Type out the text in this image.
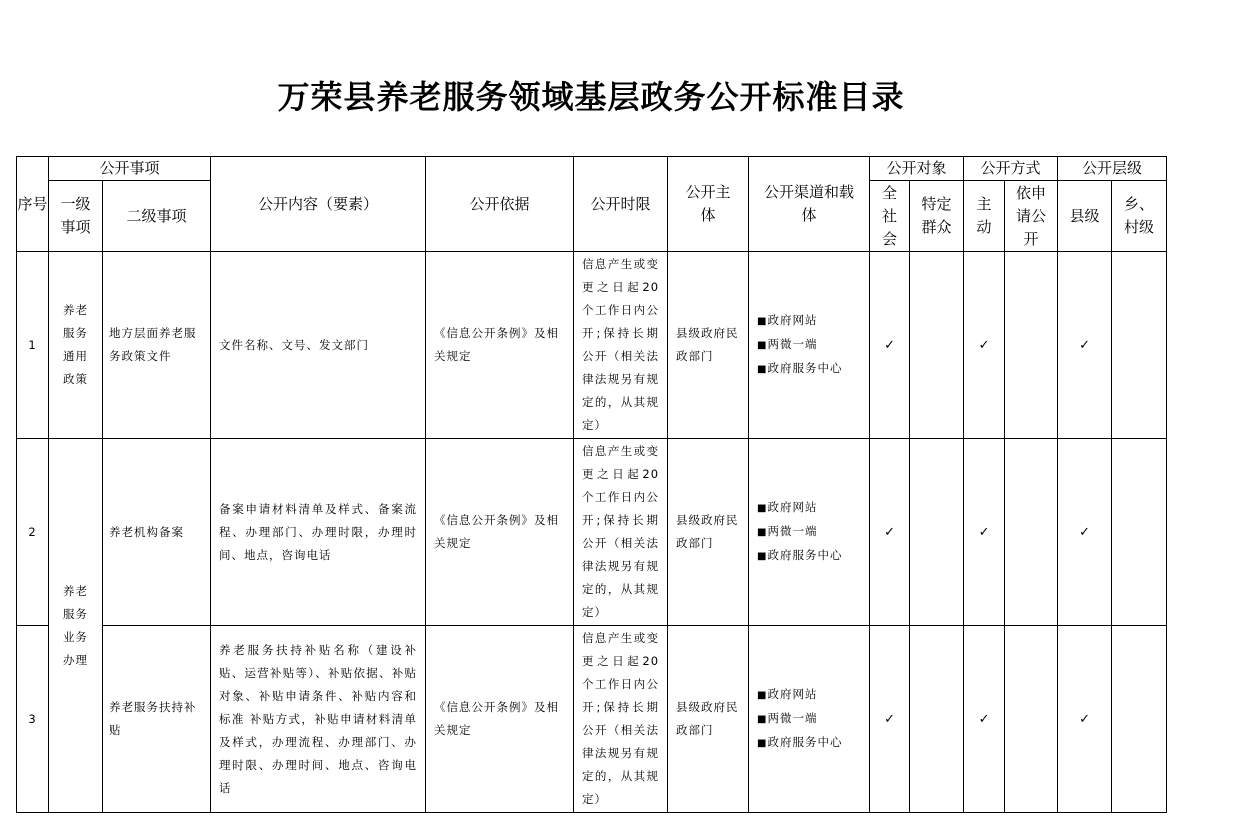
万荣县养老服务领域基层政务公开标准目录
序号	公开事项		公开内容（要素）	公开依据	公开时限	公开主体	公开渠道和载体	公开对象		公开方式		公开层级	
	一级事项	二级事项						全社会	特定群众	主动	依申请公开	县级	乡、村级
1	养老服务通用政策	地方层面养老服务政策文件	文件名称、文号、发文部门	《信息公开条例》及相关规定	信息产生或变更之日起20个工作日内公开;保持长期公开（相关法律法规另有规定的，从其规定）	县级政府民政部门	■政府网站
■两微一端
■政府服务中心	✓		✓		✓	
2	养老服务业务办理	养老机构备案	备案申请材料清单及样式、备案流程、办理部门、办理时限，办理时间、地点，咨询电话	《信息公开条例》及相关规定	信息产生或变更之日起20个工作日内公开;保持长期公开（相关法律法规另有规定的，从其规定）	县级政府民政部门	■政府网站
■两微一端
■政府服务中心	✓		✓		✓	
3		养老服务扶持补贴	养老服务扶持补贴名称（建设补贴、运营补贴等）、补贴依据、补贴对象、补贴申请条件、补贴内容和标准 补贴方式，补贴申请材料清单及样式，办理流程、办理部门、办理时限、办理时间、地点、咨询电话	《信息公开条例》及相关规定	信息产生或变更之日起20个工作日内公开;保持长期公开（相关法律法规另有规定的，从其规定）	县级政府民政部门	■政府网站
■两微一端
■政府服务中心	✓		✓		✓	
